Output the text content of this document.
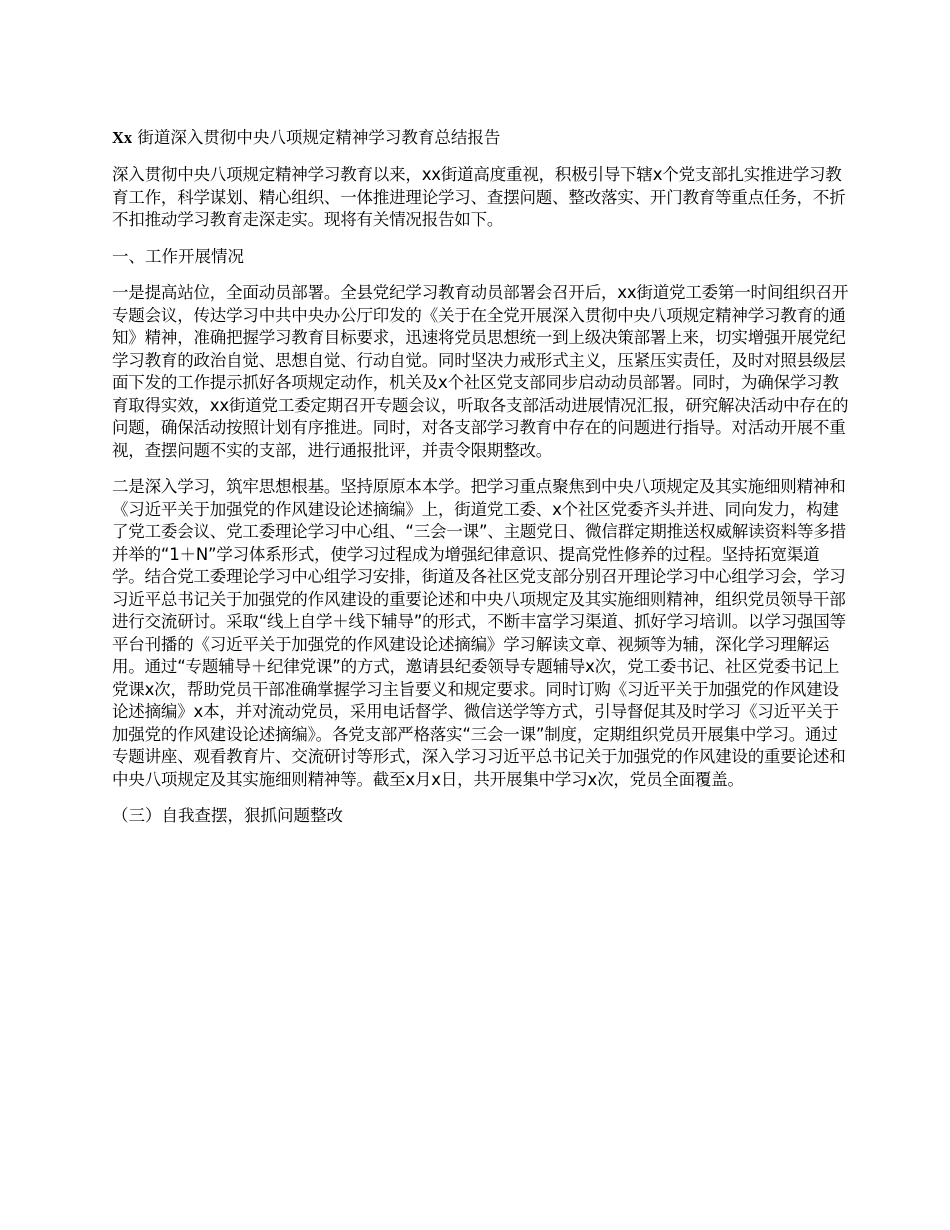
Xx 街道深入贯彻中央八项规定精神学习教育总结报告

深入贯彻中央八项规定精神学习教育以来，xx街道高度重视，积极引导下辖x个党支部扎实推进学习教育工作，科学谋划、精心组织、一体推进理论学习、查摆问题、整改落实、开门教育等重点任务，不折不扣推动学习教育走深走实。现将有关情况报告如下。

一、工作开展情况

一是提高站位，全面动员部署。全县党纪学习教育动员部署会召开后，xx街道党工委第一时间组织召开专题会议，传达学习中共中央办公厅印发的《关于在全党开展深入贯彻中央八项规定精神学习教育的通知》精神，准确把握学习教育目标要求，迅速将党员思想统一到上级决策部署上来，切实增强开展党纪学习教育的政治自觉、思想自觉、行动自觉。同时坚决力戒形式主义，压紧压实责任，及时对照县级层面下发的工作提示抓好各项规定动作，机关及x个社区党支部同步启动动员部署。同时，为确保学习教育取得实效，xx街道党工委定期召开专题会议，听取各支部活动进展情况汇报，研究解决活动中存在的问题，确保活动按照计划有序推进。同时，对各支部学习教育中存在的问题进行指导。对活动开展不重视，查摆问题不实的支部，进行通报批评，并责令限期整改。

二是深入学习，筑牢思想根基。坚持原原本本学。把学习重点聚焦到中央八项规定及其实施细则精神和《习近平关于加强党的作风建设论述摘编》上，街道党工委、x个社区党委齐头并进、同向发力，构建了党工委会议、党工委理论学习中心组、“三会一课”、主题党日、微信群定期推送权威解读资料等多措并举的“1＋N”学习体系形式，使学习过程成为增强纪律意识、提高党性修养的过程。坚持拓宽渠道学。结合党工委理论学习中心组学习安排，街道及各社区党支部分别召开理论学习中心组学习会，学习习近平总书记关于加强党的作风建设的重要论述和中央八项规定及其实施细则精神，组织党员领导干部进行交流研讨。采取“线上自学＋线下辅导”的形式，不断丰富学习渠道、抓好学习培训。以学习强国等平台刊播的《习近平关于加强党的作风建设论述摘编》学习解读文章、视频等为辅，深化学习理解运用。通过“专题辅导＋纪律党课”的方式，邀请县纪委领导专题辅导x次，党工委书记、社区党委书记上党课x次，帮助党员干部准确掌握学习主旨要义和规定要求。同时订购《习近平关于加强党的作风建设论述摘编》x本，并对流动党员，采用电话督学、微信送学等方式，引导督促其及时学习《习近平关于加强党的作风建设论述摘编》。各党支部严格落实“三会一课”制度，定期组织党员开展集中学习。通过专题讲座、观看教育片、交流研讨等形式，深入学习习近平总书记关于加强党的作风建设的重要论述和中央八项规定及其实施细则精神等。截至x月x日，共开展集中学习x次，党员全面覆盖。

（三）自我查摆，狠抓问题整改
